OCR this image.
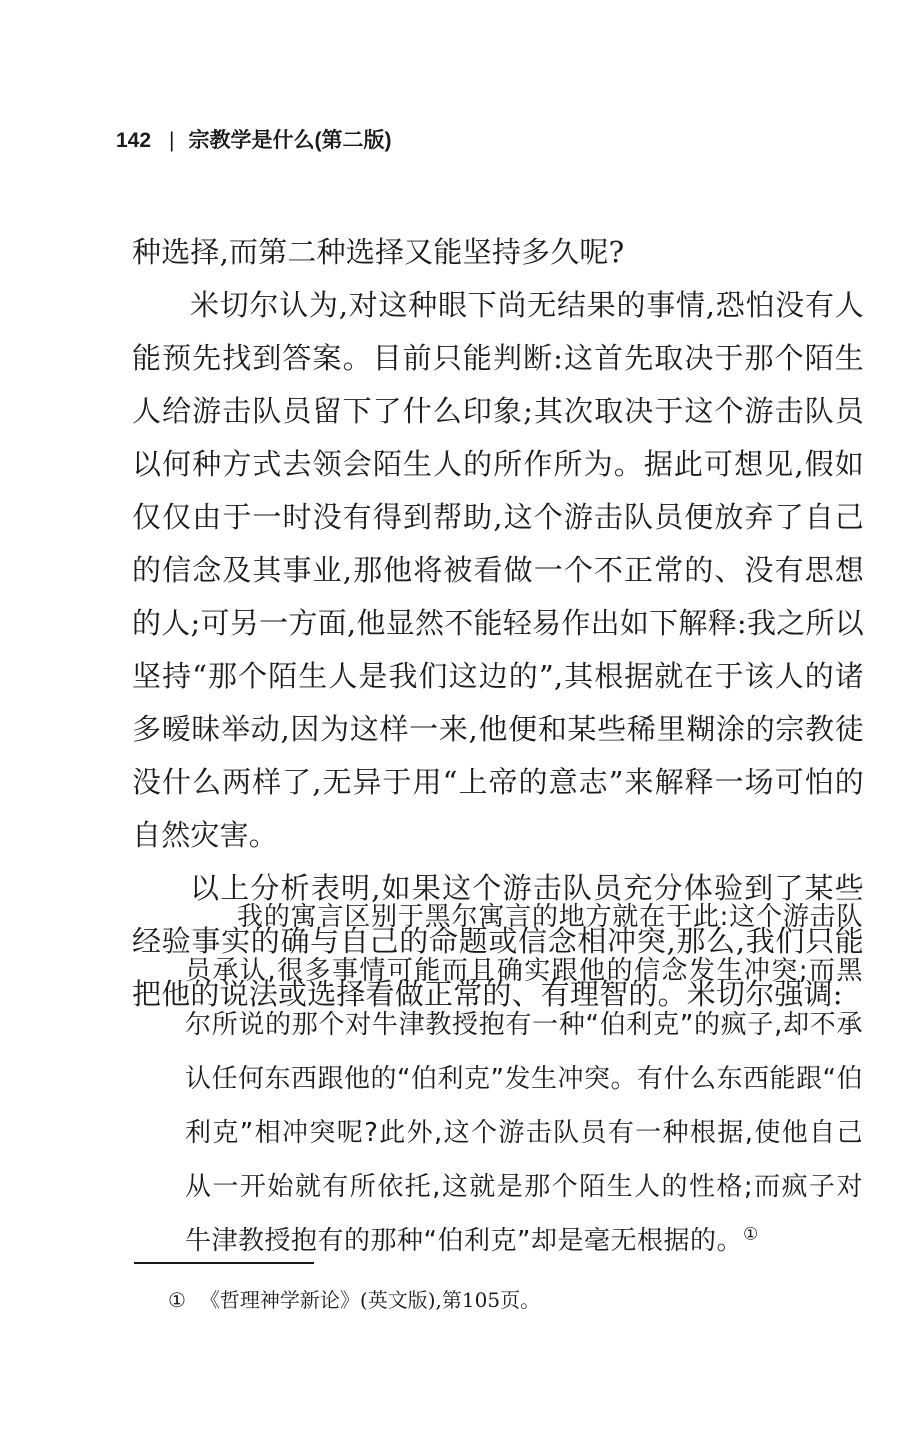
142 | 宗教学是什么(第二版)

种选择,而第二种选择又能坚持多久呢?

米切尔认为,对这种眼下尚无结果的事情,恐怕没有人能预先找到答案。目前只能判断:这首先取决于那个陌生人给游击队员留下了什么印象;其次取决于这个游击队员以何种方式去领会陌生人的所作所为。据此可想见,假如仅仅由于一时没有得到帮助,这个游击队员便放弃了自己的信念及其事业,那他将被看做一个不正常的、没有思想的人;可另一方面,他显然不能轻易作出如下解释:我之所以坚持“那个陌生人是我们这边的”,其根据就在于该人的诸多暧昧举动,因为这样一来,他便和某些稀里糊涂的宗教徒没什么两样了,无异于用“上帝的意志”来解释一场可怕的自然灾害。

以上分析表明,如果这个游击队员充分体验到了某些经验事实的确与自己的命题或信念相冲突,那么,我们只能把他的说法或选择看做正常的、有理智的。米切尔强调:

我的寓言区别于黑尔寓言的地方就在于此:这个游击队员承认,很多事情可能而且确实跟他的信念发生冲突;而黑尔所说的那个对牛津教授抱有一种“伯利克”的疯子,却不承认任何东西跟他的“伯利克”发生冲突。有什么东西能跟“伯利克”相冲突呢?此外,这个游击队员有一种根据,使他自己从一开始就有所依托,这就是那个陌生人的性格;而疯子对牛津教授抱有的那种“伯利克”却是毫无根据的。①

① 《哲理神学新论》(英文版),第105页。
